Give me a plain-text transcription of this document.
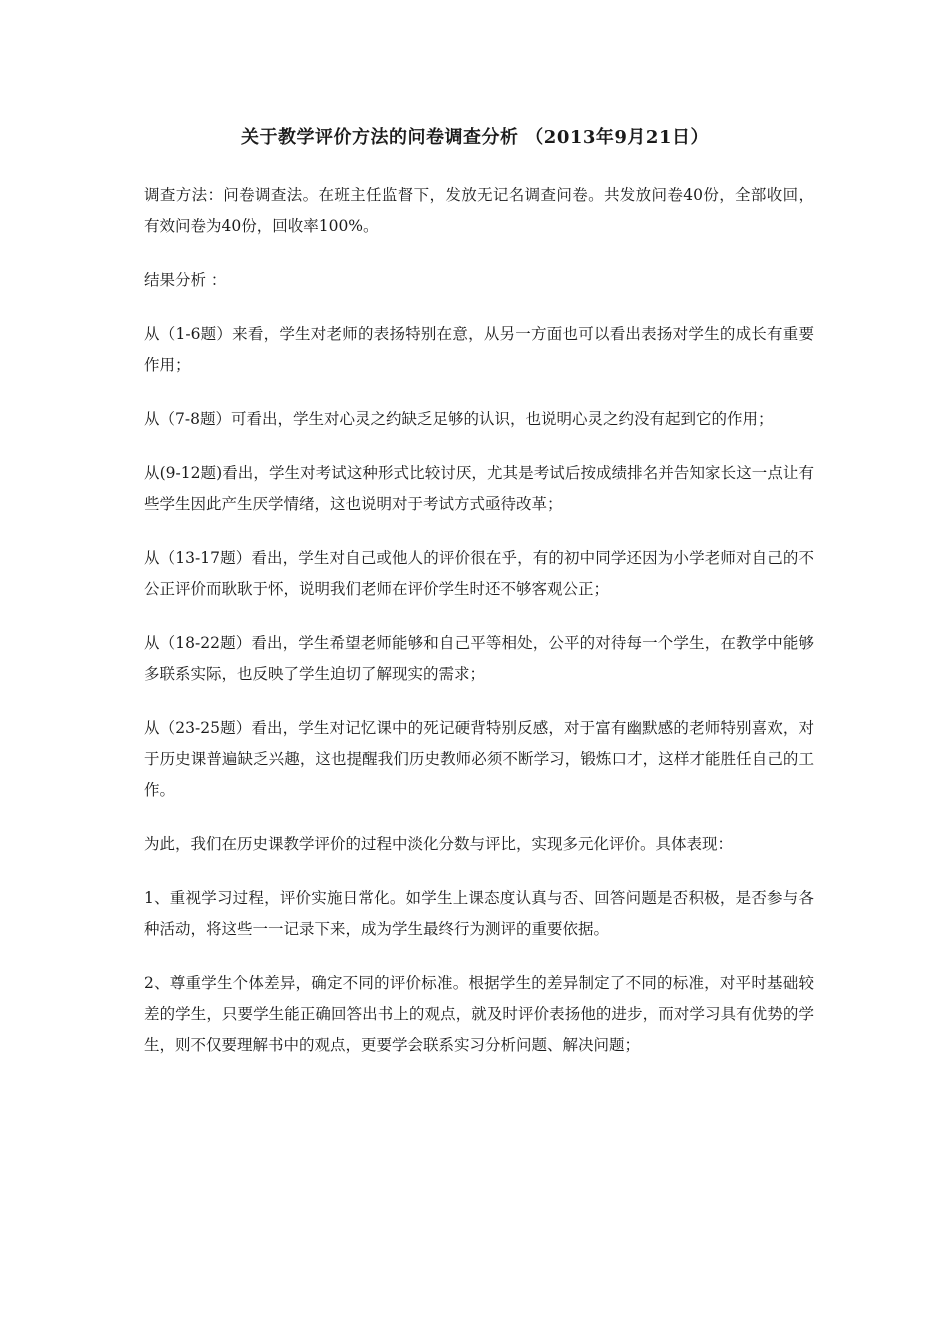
关于教学评价方法的问卷调查分析 （2013年9月21日）

调查方法：问卷调查法。在班主任监督下，发放无记名调查问卷。共发放问卷40份，全部收回，有效问卷为40份，回收率100%。

结果分析 ：

从（1-6题）来看，学生对老师的表扬特别在意，从另一方面也可以看出表扬对学生的成长有重要作用；

从（7-8题）可看出，学生对心灵之约缺乏足够的认识，也说明心灵之约没有起到它的作用；

从(9-12题)看出，学生对考试这种形式比较讨厌，尤其是考试后按成绩排名并告知家长这一点让有些学生因此产生厌学情绪，这也说明对于考试方式亟待改革；

从（13-17题）看出，学生对自己或他人的评价很在乎，有的初中同学还因为小学老师对自己的不公正评价而耿耿于怀，说明我们老师在评价学生时还不够客观公正；

从（18-22题）看出，学生希望老师能够和自己平等相处，公平的对待每一个学生，在教学中能够多联系实际，也反映了学生迫切了解现实的需求；

从（23-25题）看出，学生对记忆课中的死记硬背特别反感，对于富有幽默感的老师特别喜欢，对于历史课普遍缺乏兴趣，这也提醒我们历史教师必须不断学习，锻炼口才，这样才能胜任自己的工作。

为此，我们在历史课教学评价的过程中淡化分数与评比，实现多元化评价。具体表现：

1、重视学习过程，评价实施日常化。如学生上课态度认真与否、回答问题是否积极，是否参与各种活动，将这些一一记录下来，成为学生最终行为测评的重要依据。

2、尊重学生个体差异，确定不同的评价标准。根据学生的差异制定了不同的标准，对平时基础较差的学生，只要学生能正确回答出书上的观点，就及时评价表扬他的进步，而对学习具有优势的学生，则不仅要理解书中的观点，更要学会联系实习分析问题、解决问题；
